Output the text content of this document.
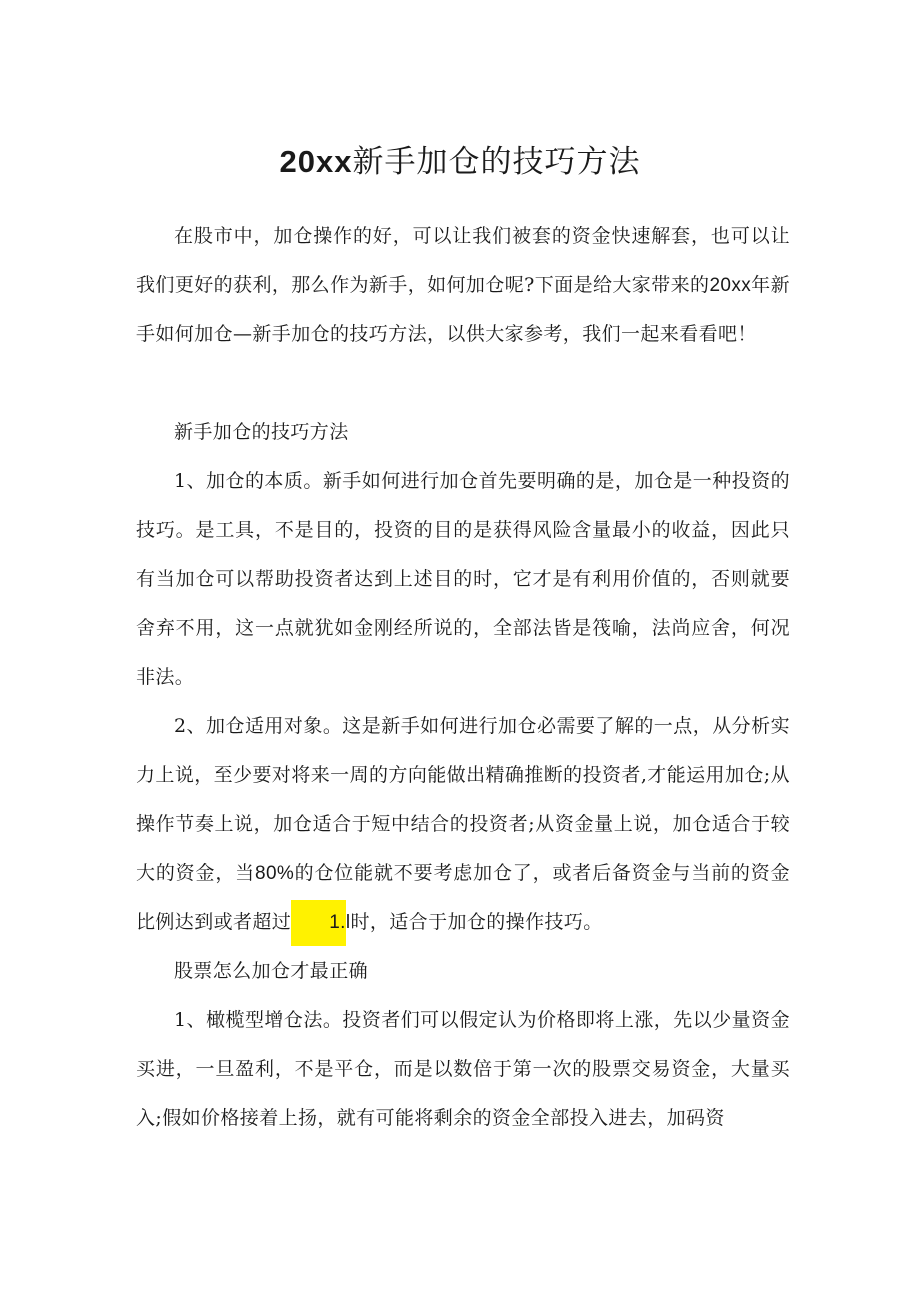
20xx新手加仓的技巧方法

在股市中，加仓操作的好，可以让我们被套的资金快速解套，也可以让我们更好的获利，那么作为新手，如何加仓呢?下面是给大家带来的20xx年新手如何加仓—新手加仓的技巧方法，以供大家参考，我们一起来看看吧！

新手加仓的技巧方法

1、加仓的本质。新手如何进行加仓首先要明确的是，加仓是一种投资的技巧。是工具，不是目的，投资的目的是获得风险含量最小的收益，因此只有当加仓可以帮助投资者达到上述目的时，它才是有利用价值的，否则就要舍弃不用，这一点就犹如金刚经所说的，全部法皆是筏喻，法尚应舍，何况非法。

2、加仓适用对象。这是新手如何进行加仓必需要了解的一点，从分析实力上说，至少要对将来一周的方向能做出精确推断的投资者,才能运用加仓;从操作节奏上说，加仓适合于短中结合的投资者;从资金量上说，加仓适合于较大的资金，当80%的仓位能就不要考虑加仓了，或者后备资金与当前的资金比例达到或者超过 1.l时，适合于加仓的操作技巧。

股票怎么加仓才最正确

1、橄榄型增仓法。投资者们可以假定认为价格即将上涨，先以少量资金买进，一旦盈利，不是平仓，而是以数倍于第一次的股票交易资金，大量买入;假如价格接着上扬，就有可能将剩余的资金全部投入进去，加码资
